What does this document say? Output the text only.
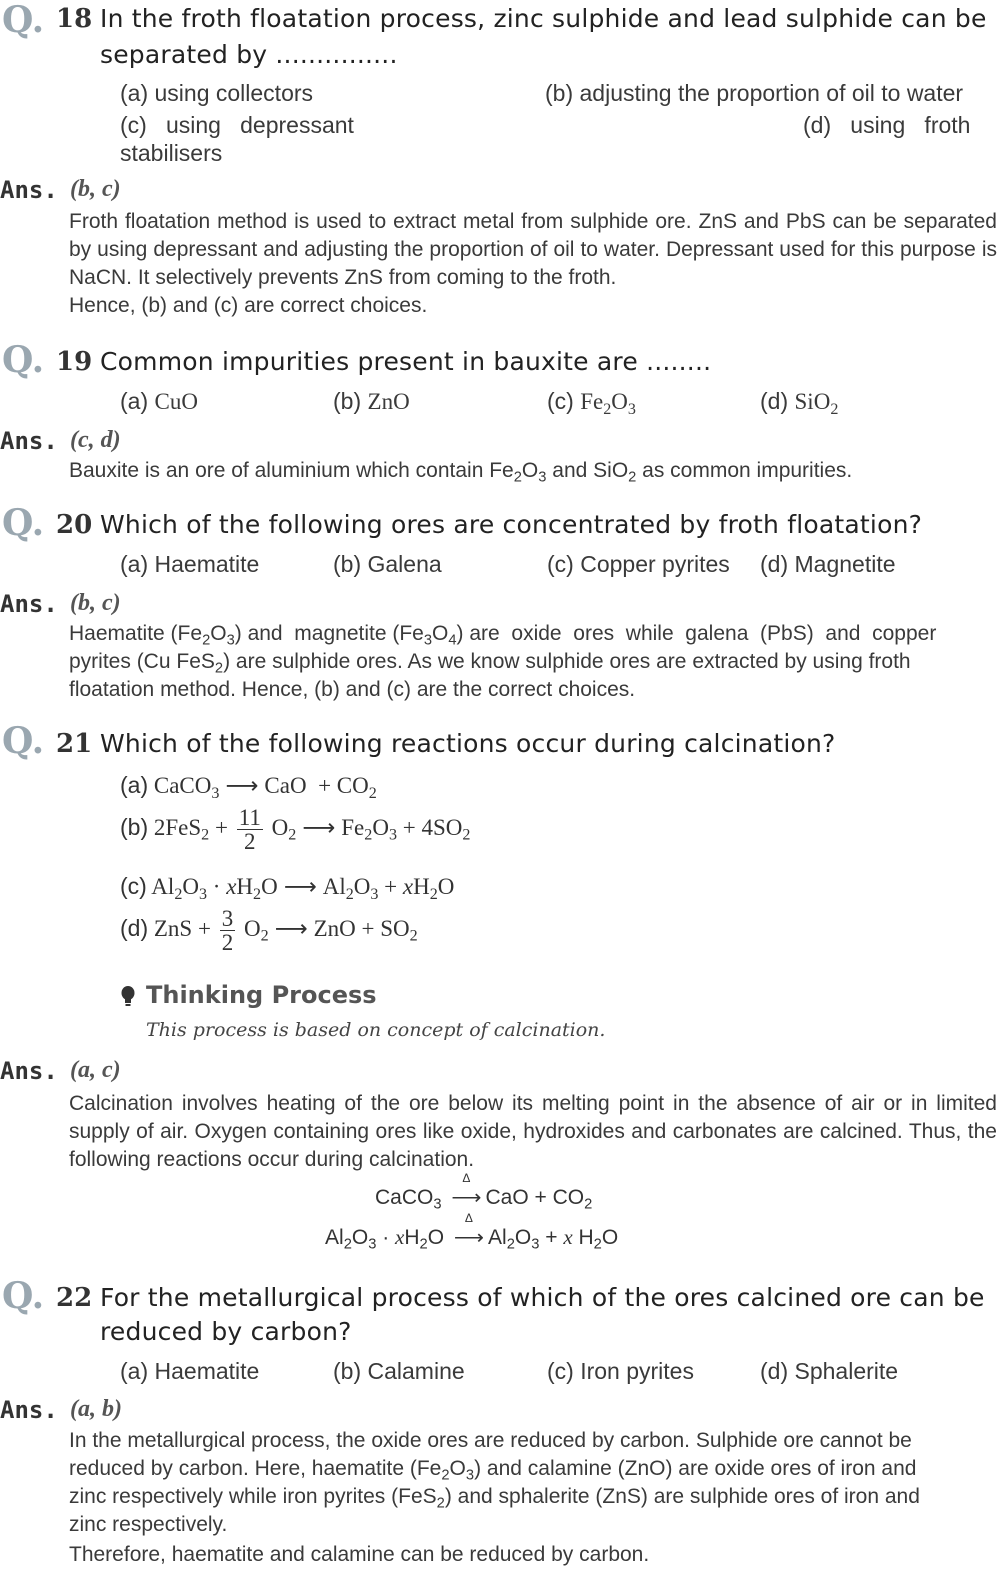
Q. 18 In the froth floatation process, zinc sulphide and lead sulphide can be
separated by ...............
(a) using collectors	(b) adjusting the proportion of oil to water
(c)   using   depressant	(d)   using   froth
stabilisers
Ans. (b, c)
Froth floatation method is used to extract metal from sulphide ore. ZnS and PbS can be separated by using depressant and adjusting the proportion of oil to water. Depressant used for this purpose is NaCN. It selectively prevents ZnS from coming to the froth.
Hence, (b) and (c) are correct choices.
Q. 19 Common impurities present in bauxite are ........
(a) CuO	(b) ZnO	(c) $Fe_2O_3$	(d) SiO$_2$
Ans. (c, d)
Bauxite is an ore of aluminium which contain $Fe_2O_3$ and SiO$_2$ as common impurities.
Q. 20 Which of the following ores are concentrated by froth floatation?
(a) Haematite	(b) Galena	(c) Copper pyrites (d) Magnetite
Ans. (b, c)
Haematite $(Fe_2O_3)$ and  magnetite $(Fe_3O_4)$ are  oxide  ores  while  galena  (PbS)  and  copper
pyrites (Cu FeS$_2$) are sulphide ores. As we know sulphide ores are extracted by using froth
floatation method. Hence, (b) and (c) are the correct choices.
Q. 21 Which of the following reactions occur during calcination?
(a) CaCO$_3$ ⟶ CaO  + $CO_2$
(b) $2FeS_2 + \frac{11}{2} O_2$ ⟶ $Fe_2O_3 + 4SO_2$
(c) $Al_2O_3 \cdot xH_2O$ ⟶ $Al_2O_3 + xH_2O$
(d) ZnS + $\frac{3}{2} O_2$ ⟶ ZnO + $SO_2$
Thinking Process
This process is based on concept of calcination.
Ans. (a, c)
Calcination involves heating of the ore below its melting point in the absence of air or in limited supply of air. Oxygen containing ores like oxide, hydroxides and carbonates are calcined. Thus, the following reactions occur during calcination.
CaCO$_3$ ⟶
Δ
CaO + $CO_2$
$Al_2O_3 \cdot xH_2O$ ⟶
Δ
$Al_2O_3 + x$ $H_2O$
Q. 22 For the metallurgical process of which of the ores calcined ore can be
reduced by carbon?
(a) Haematite	(b) Calamine	(c) Iron pyrites	(d) Sphalerite
Ans. (a, b)
In the metallurgical process, the oxide ores are reduced by carbon. Sulphide ore cannot be
reduced by carbon. Here, haematite $(Fe_2O_3)$ and calamine (ZnO) are oxide ores of iron and
zinc respectively while iron pyrites (FeS$_2$) and sphalerite (ZnS) are sulphide ores of iron and
zinc respectively.
Therefore, haematite and calamine can be reduced by carbon.
